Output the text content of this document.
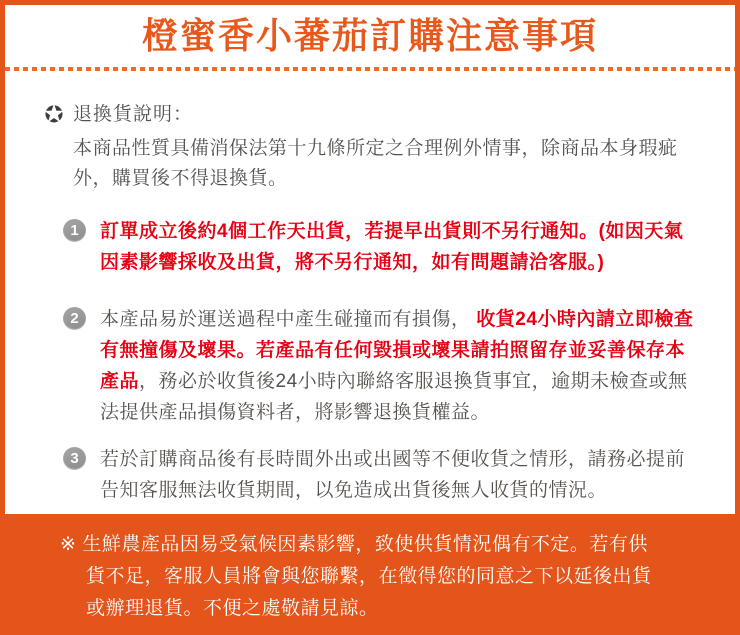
橙蜜香小蕃茄訂購注意事項
退換貨說明：

本商品性質具備消保法第十九條所定之合理例外情事，除商品本身瑕疵外，購買後不得退換貨。

1	訂單成立後約4個工作天出貨，若提早出貨則不另行通知。(如因天氣因素影響採收及出貨，將不另行通知，如有問題請洽客服。)

2	本產品易於運送過程中產生碰撞而有損傷， 收貨24小時內請立即檢查有無撞傷及壞果。若產品有任何毀損或壞果請拍照留存並妥善保存本產品，務必於收貨後24小時內聯絡客服退換貨事宜，逾期未檢查或無法提供產品損傷資料者，將影響退換貨權益。

3	若於訂購商品後有長時間外出或出國等不便收貨之情形，請務必提前告知客服無法收貨期間，以免造成出貨後無人收貨的情況。

※ 生鮮農產品因易受氣候因素影響，致使供貨情況偶有不定。若有供貨不足，客服人員將會與您聯繫，在徵得您的同意之下以延後出貨或辦理退貨。不便之處敬請見諒。
